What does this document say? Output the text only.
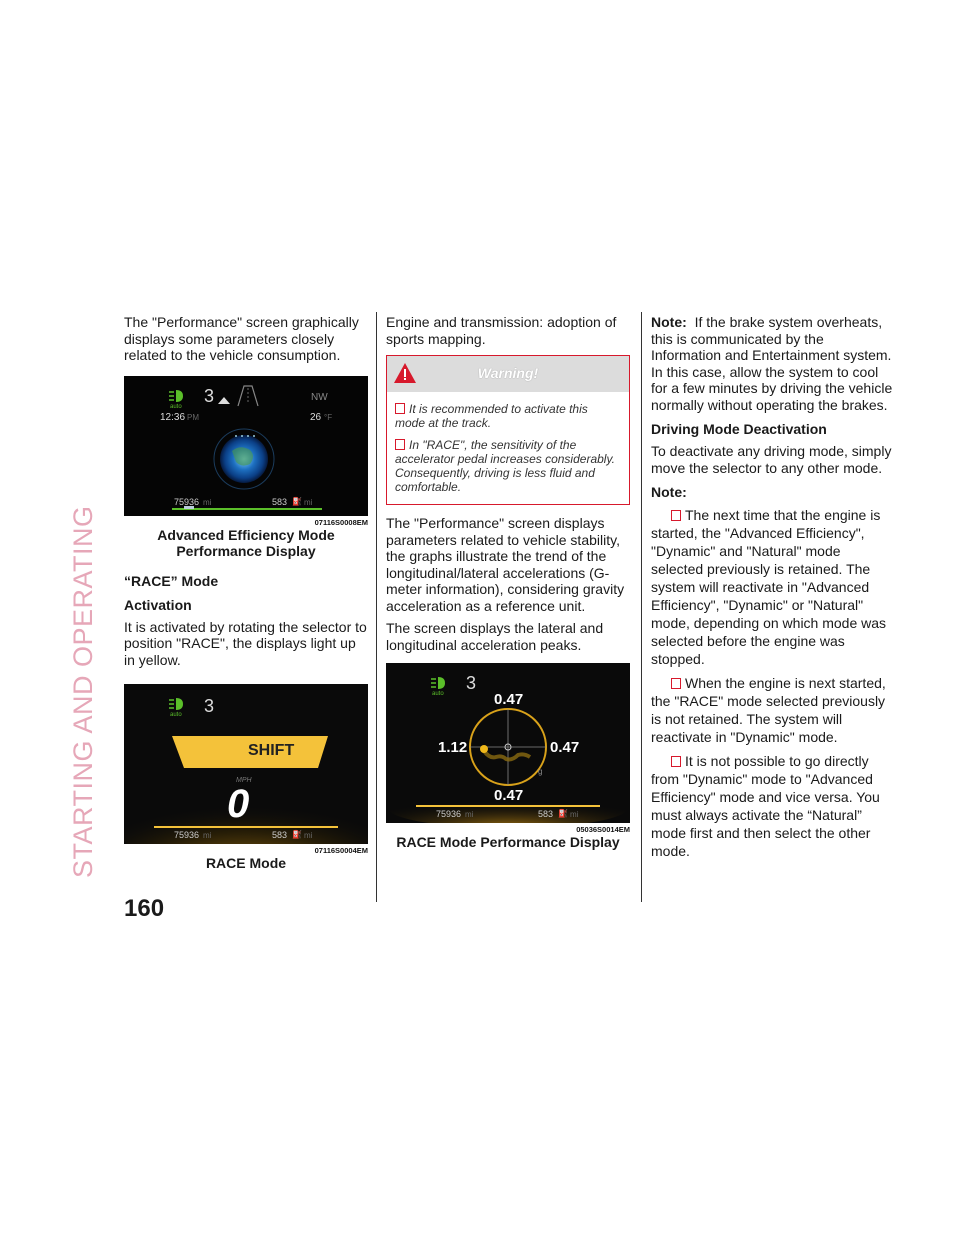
STARTING AND OPERATING

The "Performance" screen graphically displays some parameters closely related to the vehicle consumption.

3
auto
NW
12:36 PM	26 °F
75936 mi	583 ⛽ mi
07116S0008EM
Advanced Efficiency Mode Performance Display
“RACE” Mode
Activation

It is activated by rotating the selector to position "RACE", the displays light up in yellow.

3
auto
SHIFT
MPH
0
75936 mi	583 ⛽ mi
07116S0004EM
RACE Mode

Engine and transmission: adoption of sports mapping.

Warning!

It is recommended to activate this mode at the track.

In "RACE", the sensitivity of the accelerator pedal increases considerably. Consequently, driving is less fluid and comfortable.

The "Performance" screen displays parameters related to vehicle stability, the graphs illustrate the trend of the longitudinal/lateral accelerations (G-meter information), considering gravity acceleration as a reference unit.

The screen displays the lateral and longitudinal acceleration peaks.

3
auto	0.47
1.12	0.47
0.47
g
75936 mi	583 ⛽ mi
05036S0014EM
RACE Mode Performance Display

Note: If the brake system overheats, this is communicated by the Information and Entertainment system. In this case, allow the system to cool for a few minutes by driving the vehicle normally without operating the brakes.

Driving Mode Deactivation

To deactivate any driving mode, simply move the selector to any other mode.

Note:
The next time that the engine is started, the "Advanced Efficiency", "Dynamic" and "Natural" mode selected previously is retained. The system will reactivate in "Advanced Efficiency", "Dynamic" or "Natural" mode, depending on which mode was selected before the engine was stopped.
When the engine is next started, the "RACE" mode selected previously is not retained. The system will reactivate in "Dynamic" mode.
It is not possible to go directly from "Dynamic" mode to "Advanced Efficiency" mode and vice versa. You must always activate the “Natural” mode first and then select the other mode.
160
